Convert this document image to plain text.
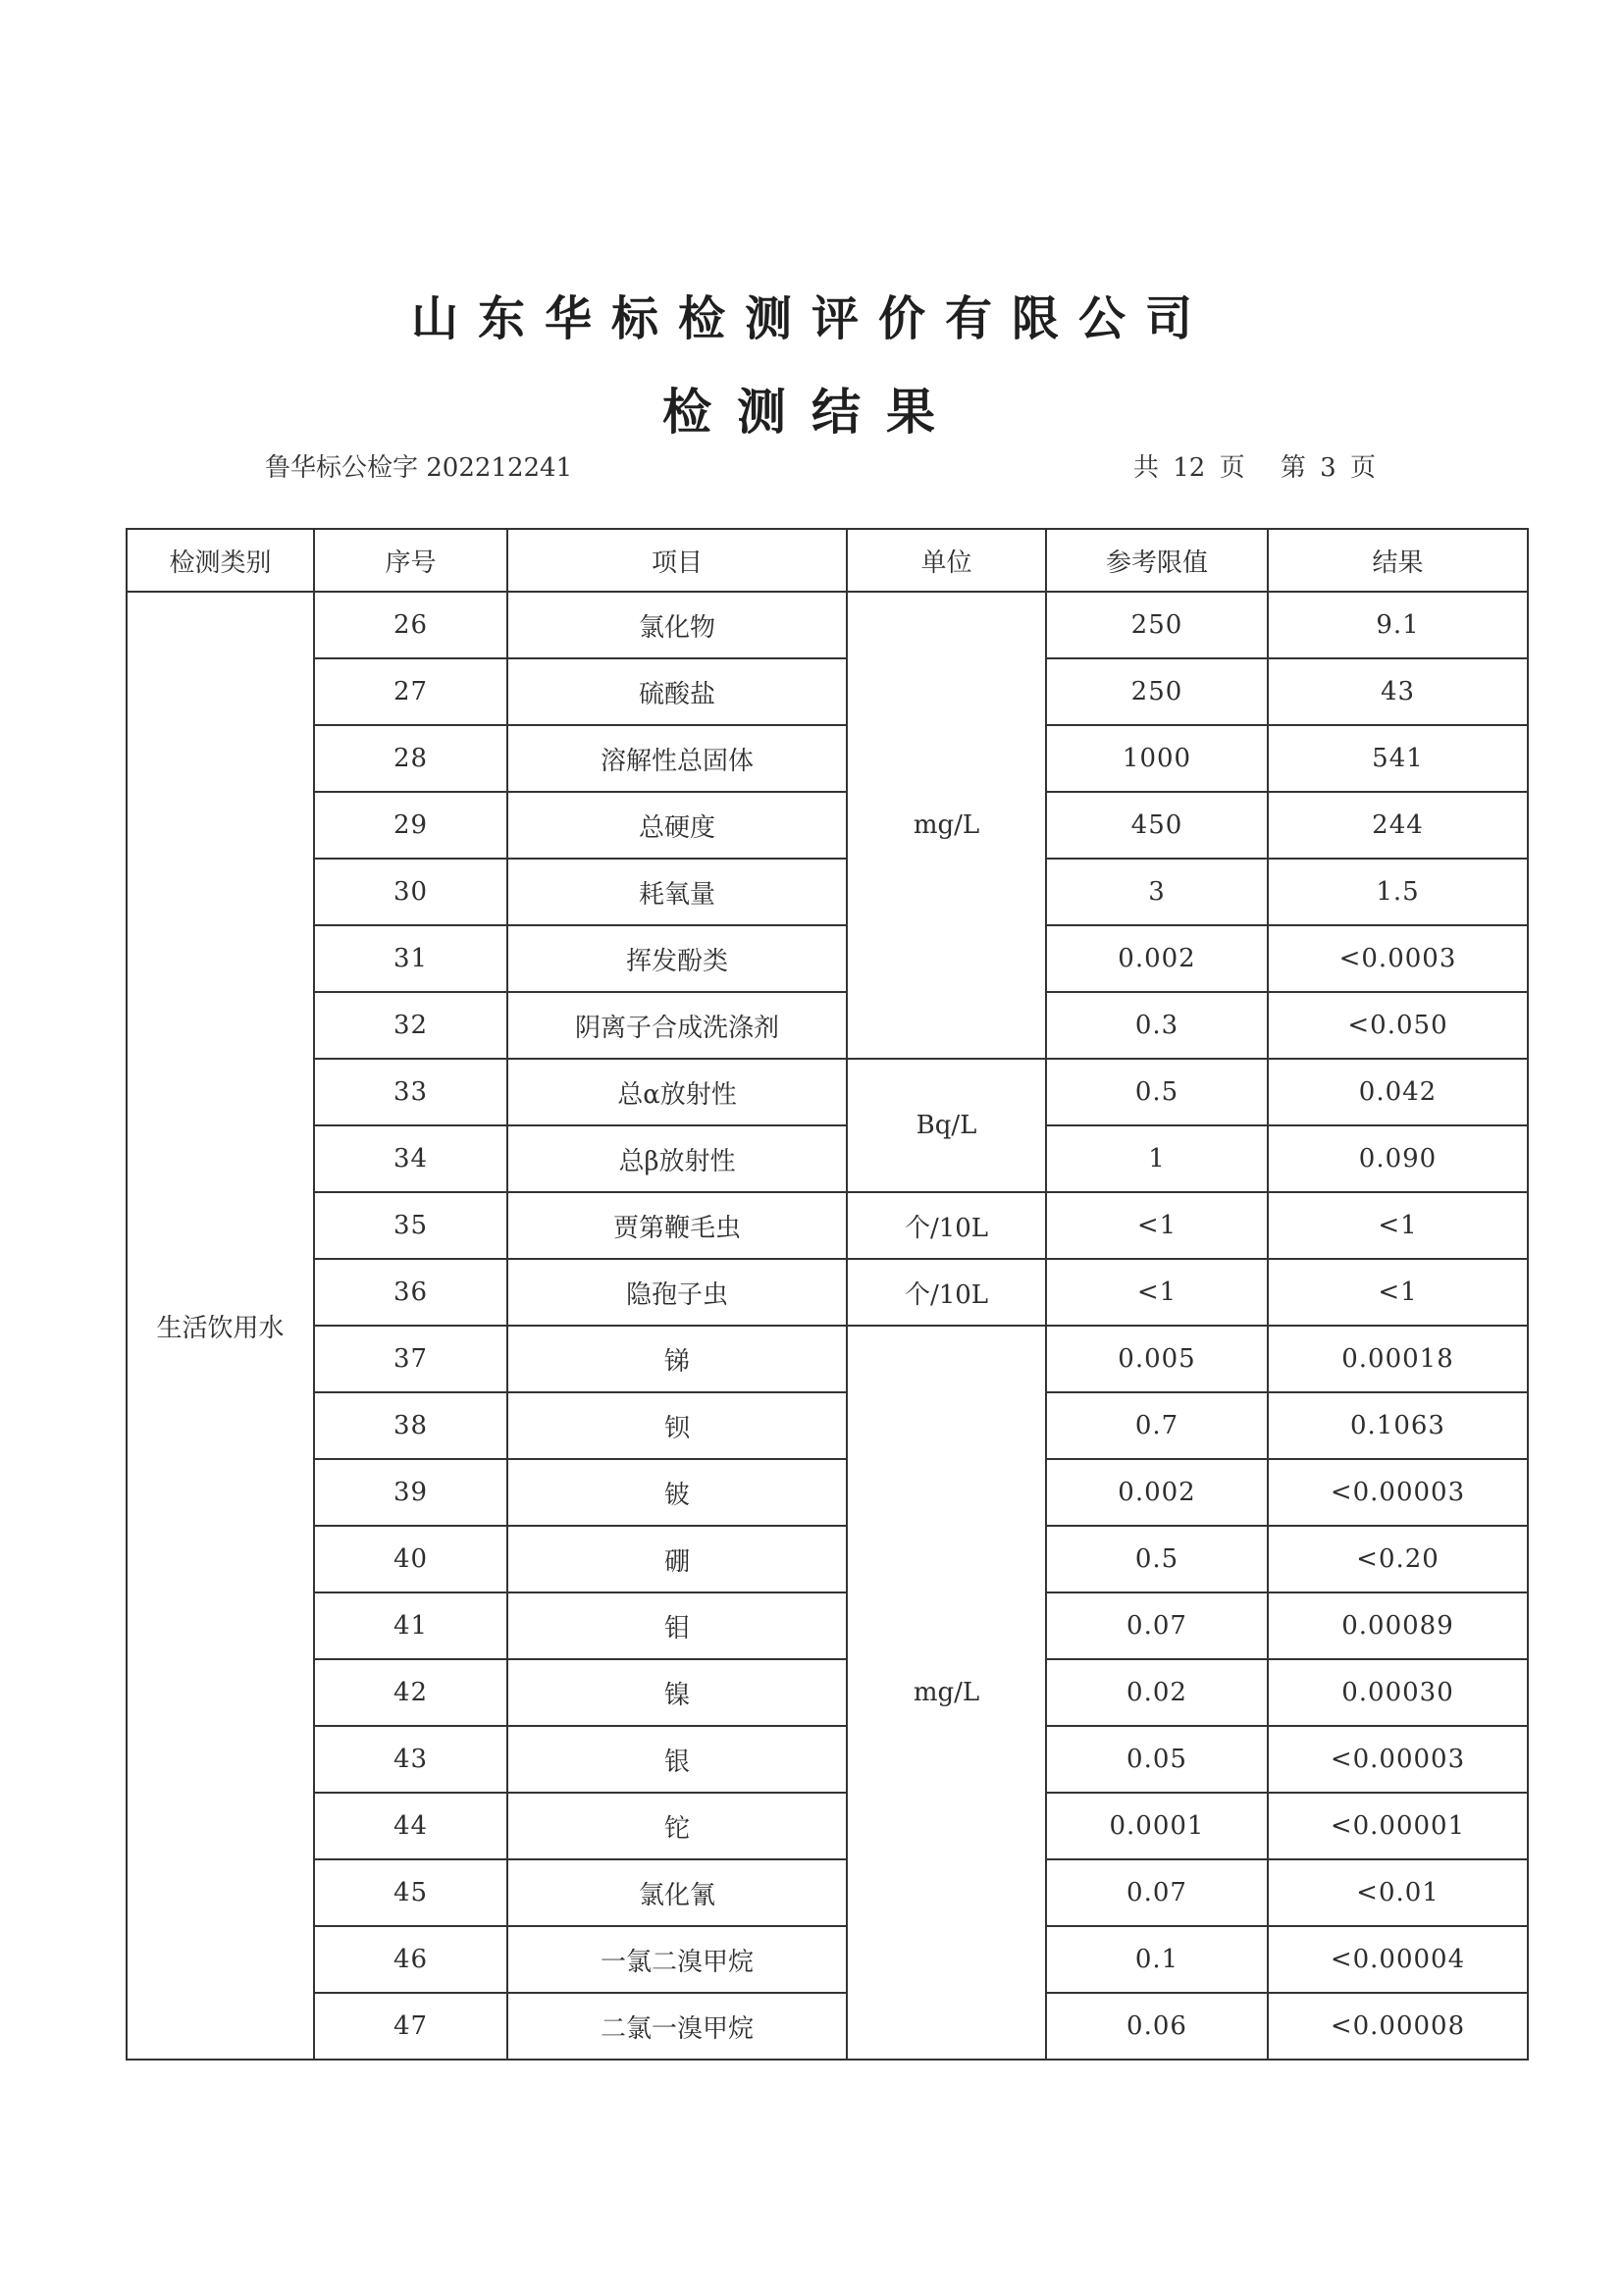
山东华标检测评价有限公司
检测结果
鲁华标公检字 202212241	共 12 页 第 3 页
检测类别	序号	项目	单位	参考限值	结果
生活饮用水	26	氯化物	mg/L	250	9.1
	27	硫酸盐		250	43
	28	溶解性总固体		1000	541
	29	总硬度		450	244
	30	耗氧量		3	1.5
	31	挥发酚类		0.002	<0.0003
	32	阴离子合成洗涤剂		0.3	<0.050
	33	总α放射性	Bq/L	0.5	0.042
	34	总β放射性		1	0.090
	35	贾第鞭毛虫	个/10L	<1	<1
	36	隐孢子虫	个/10L	<1	<1
	37	锑	mg/L	0.005	0.00018
	38	钡		0.7	0.1063
	39	铍		0.002	<0.00003
	40	硼		0.5	<0.20
	41	钼		0.07	0.00089
	42	镍		0.02	0.00030
	43	银		0.05	<0.00003
	44	铊		0.0001	<0.00001
	45	氯化氰		0.07	<0.01
	46	一氯二溴甲烷		0.1	<0.00004
	47	二氯一溴甲烷		0.06	<0.00008
